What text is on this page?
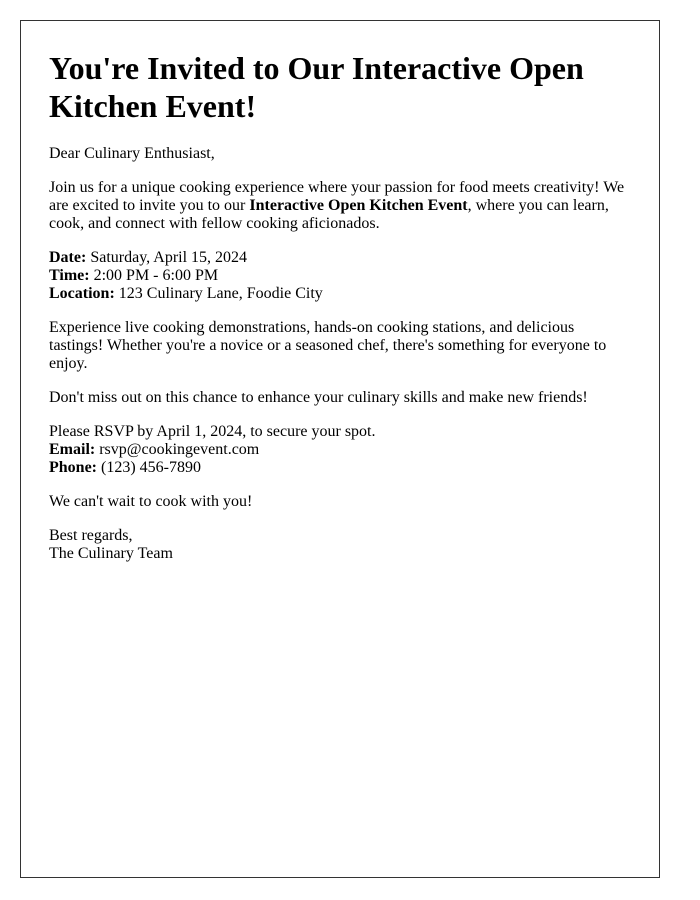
You're Invited to Our Interactive Open Kitchen Event!

Dear Culinary Enthusiast,

Join us for a unique cooking experience where your passion for food meets creativity! We are excited to invite you to our Interactive Open Kitchen Event, where you can learn, cook, and connect with fellow cooking aficionados.

Date: Saturday, April 15, 2024
Time: 2:00 PM - 6:00 PM
Location: 123 Culinary Lane, Foodie City

Experience live cooking demonstrations, hands-on cooking stations, and delicious tastings! Whether you're a novice or a seasoned chef, there's something for everyone to enjoy.

Don't miss out on this chance to enhance your culinary skills and make new friends!

Please RSVP by April 1, 2024, to secure your spot.
Email: rsvp@cookingevent.com
Phone: (123) 456-7890

We can't wait to cook with you!

Best regards,
The Culinary Team
